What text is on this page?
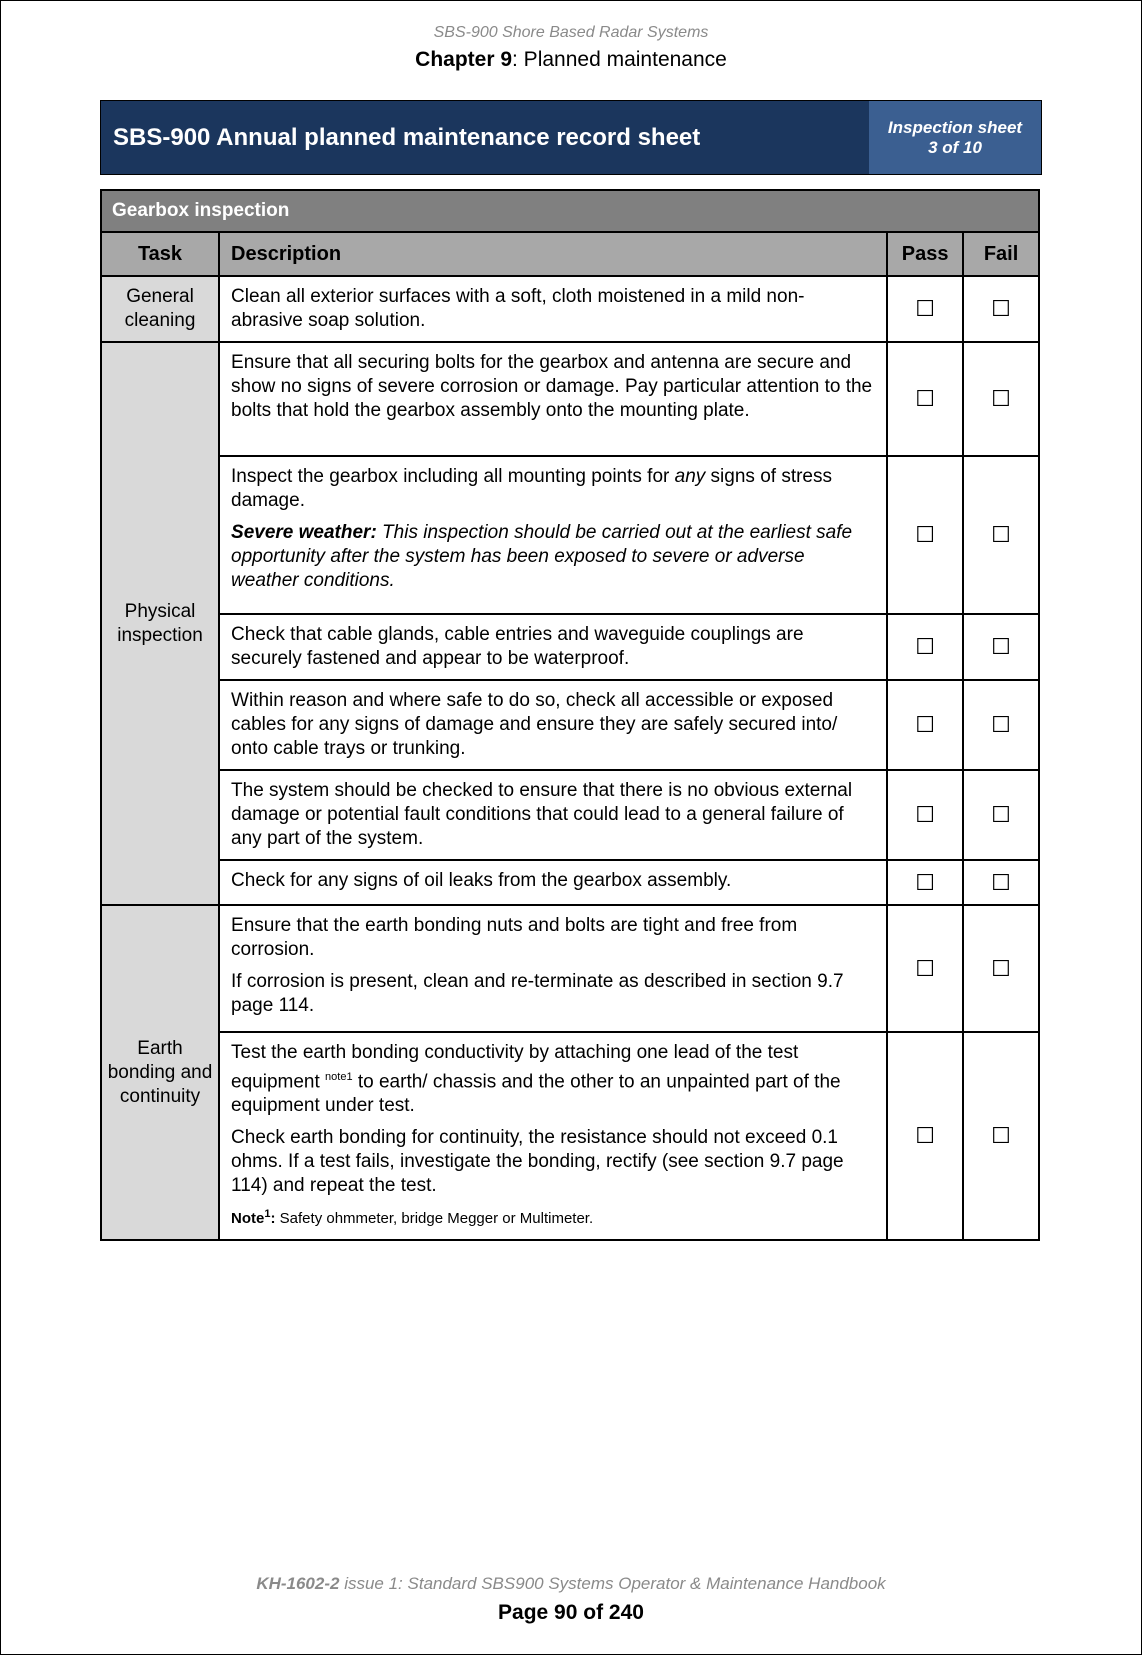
SBS-900 Shore Based Radar Systems
Chapter 9: Planned maintenance
SBS-900 Annual planned maintenance record sheet	Inspection sheet
3 of 10
Gearbox inspection			
Task	Description	Pass	Fail
General cleaning	Clean all exterior surfaces with a soft, cloth moistened in a mild non-abrasive soap solution.	☐	☐
Physical inspection	Ensure that all securing bolts for the gearbox and antenna are secure and show no signs of severe corrosion or damage. Pay particular attention to the bolts that hold the gearbox assembly onto the mounting plate.	☐	☐

	Inspect the gearbox including all mounting points for any signs of stress damage.

Severe weather: This inspection should be carried out at the earliest safe opportunity after the system has been exposed to severe or adverse weather conditions.	☐	☐

	Check that cable glands, cable entries and waveguide couplings are securely fastened and appear to be waterproof.	☐	☐

	Within reason and where safe to do so, check all accessible or exposed cables for any signs of damage and ensure they are safely secured into/ onto cable trays or trunking.	☐	☐

	The system should be checked to ensure that there is no obvious external damage or potential fault conditions that could lead to a general failure of any part of the system.	☐	☐

	Check for any signs of oil leaks from the gearbox assembly.	☐	☐
Earth bonding and continuity	Ensure that the earth bonding nuts and bolts are tight and free from corrosion.

If corrosion is present, clean and re-terminate as described in section 9.7 page 114.	☐	☐

	Test the earth bonding conductivity by attaching one lead of the test equipment $^{note1}$ to earth/ chassis and the other to an unpainted part of the equipment under test.

Check earth bonding for continuity, the resistance should not exceed 0.1 ohms. If a test fails, investigate the bonding, rectify (see section 9.7 page 114) and repeat the test.

Note$^1$: Safety ohmmeter, bridge Megger or Multimeter.	☐	☐
KH-1602-2 issue 1: Standard SBS900 Systems Operator & Maintenance Handbook
Page 90 of 240
